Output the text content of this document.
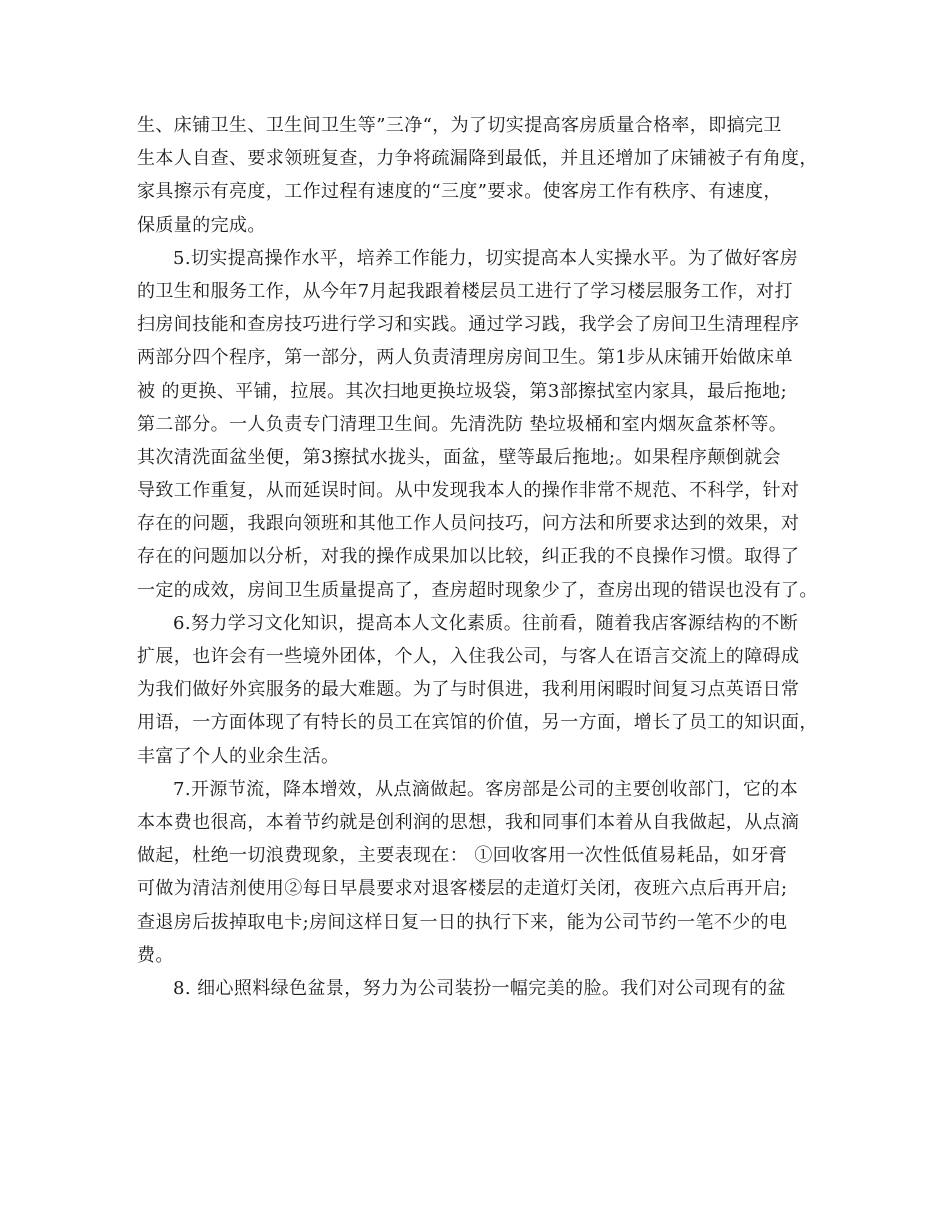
生、床铺卫生、卫生间卫生等”三净“，为了切实提高客房质量合格率，即搞完卫
生本人自查、要求领班复查，力争将疏漏降到最低，并且还增加了床铺被子有角度，
家具擦示有亮度，工作过程有速度的“三度”要求。使客房工作有秩序、有速度，
保质量的完成。
5.切实提高操作水平，培养工作能力，切实提高本人实操水平。为了做好客房
的卫生和服务工作，从今年7月起我跟着楼层员工进行了学习楼层服务工作，对打
扫房间技能和查房技巧进行学习和实践。通过学习践，我学会了房间卫生清理程序
两部分四个程序，第一部分，两人负责清理房房间卫生。第1步从床铺开始做床单
被 的更换、平铺，拉展。其次扫地更换垃圾袋，第3部擦拭室内家具，最后拖地;
第二部分。一人负责专门清理卫生间。先清洗防 垫垃圾桶和室内烟灰盒茶杯等。
其次清洗面盆坐便，第3擦拭水拢头，面盆，壁等最后拖地;。如果程序颠倒就会
导致工作重复，从而延误时间。从中发现我本人的操作非常不规范、不科学，针对
存在的问题，我跟向领班和其他工作人员问技巧，问方法和所要求达到的效果，对
存在的问题加以分析，对我的操作成果加以比较，纠正我的不良操作习惯。取得了
一定的成效，房间卫生质量提高了，查房超时现象少了，查房出现的错误也没有了。
6.努力学习文化知识，提高本人文化素质。往前看，随着我店客源结构的不断
扩展，也许会有一些境外团体，个人，入住我公司，与客人在语言交流上的障碍成
为我们做好外宾服务的最大难题。为了与时俱进，我利用闲暇时间复习点英语日常
用语，一方面体现了有特长的员工在宾馆的价值，另一方面，增长了员工的知识面，
丰富了个人的业余生活。
7.开源节流，降本增效，从点滴做起。客房部是公司的主要创收部门，它的本
本本费也很高，本着节约就是创利润的思想，我和同事们本着从自我做起，从点滴
做起，杜绝一切浪费现象，主要表现在： ①回收客用一次性低值易耗品，如牙膏
可做为清洁剂使用②每日早晨要求对退客楼层的走道灯关闭，夜班六点后再开启;
查退房后拔掉取电卡;房间这样日复一日的执行下来，能为公司节约一笔不少的电
费。
8. 细心照料绿色盆景，努力为公司装扮一幅完美的脸。我们对公司现有的盆
